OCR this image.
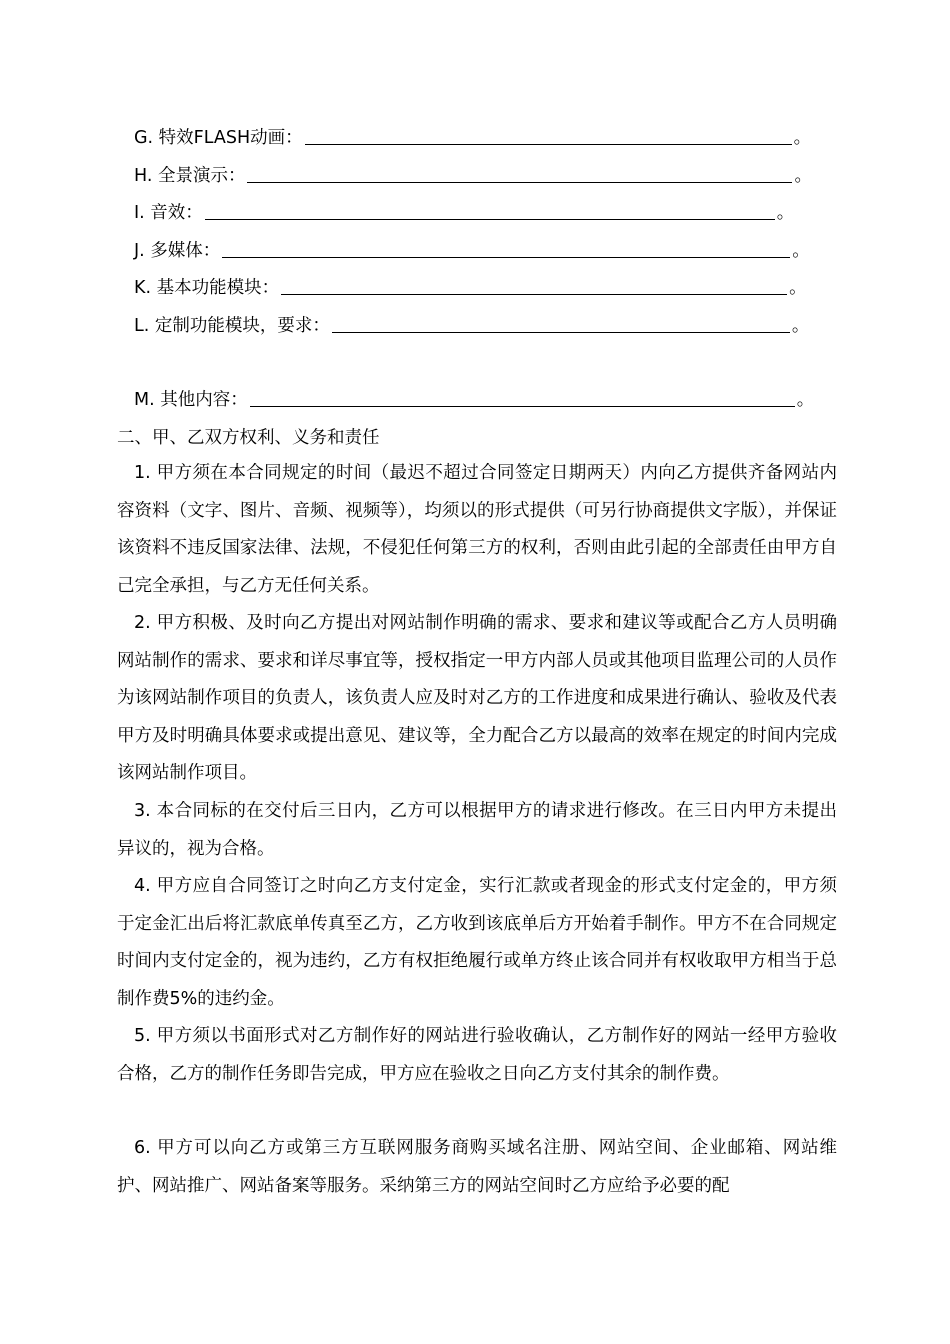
G. 特效FLASH动画：	。
H. 全景演示：	。
I. 音效：	。
J. 多媒体：	。
K. 基本功能模块：	。
L. 定制功能模块，要求：	。
M. 其他内容：	。
二、甲、乙双方权利、义务和责任
1. 甲方须在本合同规定的时间（最迟不超过合同签定日期两天）内向乙方提供齐备网站内容资料（文字、图片、音频、视频等），均须以的形式提供（可另行协商提供文字版），并保证该资料不违反国家法律、法规，不侵犯任何第三方的权利，否则由此引起的全部责任由甲方自己完全承担，与乙方无任何关系。
2. 甲方积极、及时向乙方提出对网站制作明确的需求、要求和建议等或配合乙方人员明确网站制作的需求、要求和详尽事宜等，授权指定一甲方内部人员或其他项目监理公司的人员作为该网站制作项目的负责人，该负责人应及时对乙方的工作进度和成果进行确认、验收及代表甲方及时明确具体要求或提出意见、建议等，全力配合乙方以最高的效率在规定的时间内完成该网站制作项目。
3. 本合同标的在交付后三日内，乙方可以根据甲方的请求进行修改。在三日内甲方未提出异议的，视为合格。
4. 甲方应自合同签订之时向乙方支付定金，实行汇款或者现金的形式支付定金的，甲方须于定金汇出后将汇款底单传真至乙方，乙方收到该底单后方开始着手制作。甲方不在合同规定时间内支付定金的，视为违约，乙方有权拒绝履行或单方终止该合同并有权收取甲方相当于总制作费5%的违约金。
5. 甲方须以书面形式对乙方制作好的网站进行验收确认，乙方制作好的网站一经甲方验收合格，乙方的制作任务即告完成，甲方应在验收之日向乙方支付其余的制作费。
6. 甲方可以向乙方或第三方互联网服务商购买域名注册、网站空间、企业邮箱、网站维护、网站推广、网站备案等服务。采纳第三方的网站空间时乙方应给予必要的配
